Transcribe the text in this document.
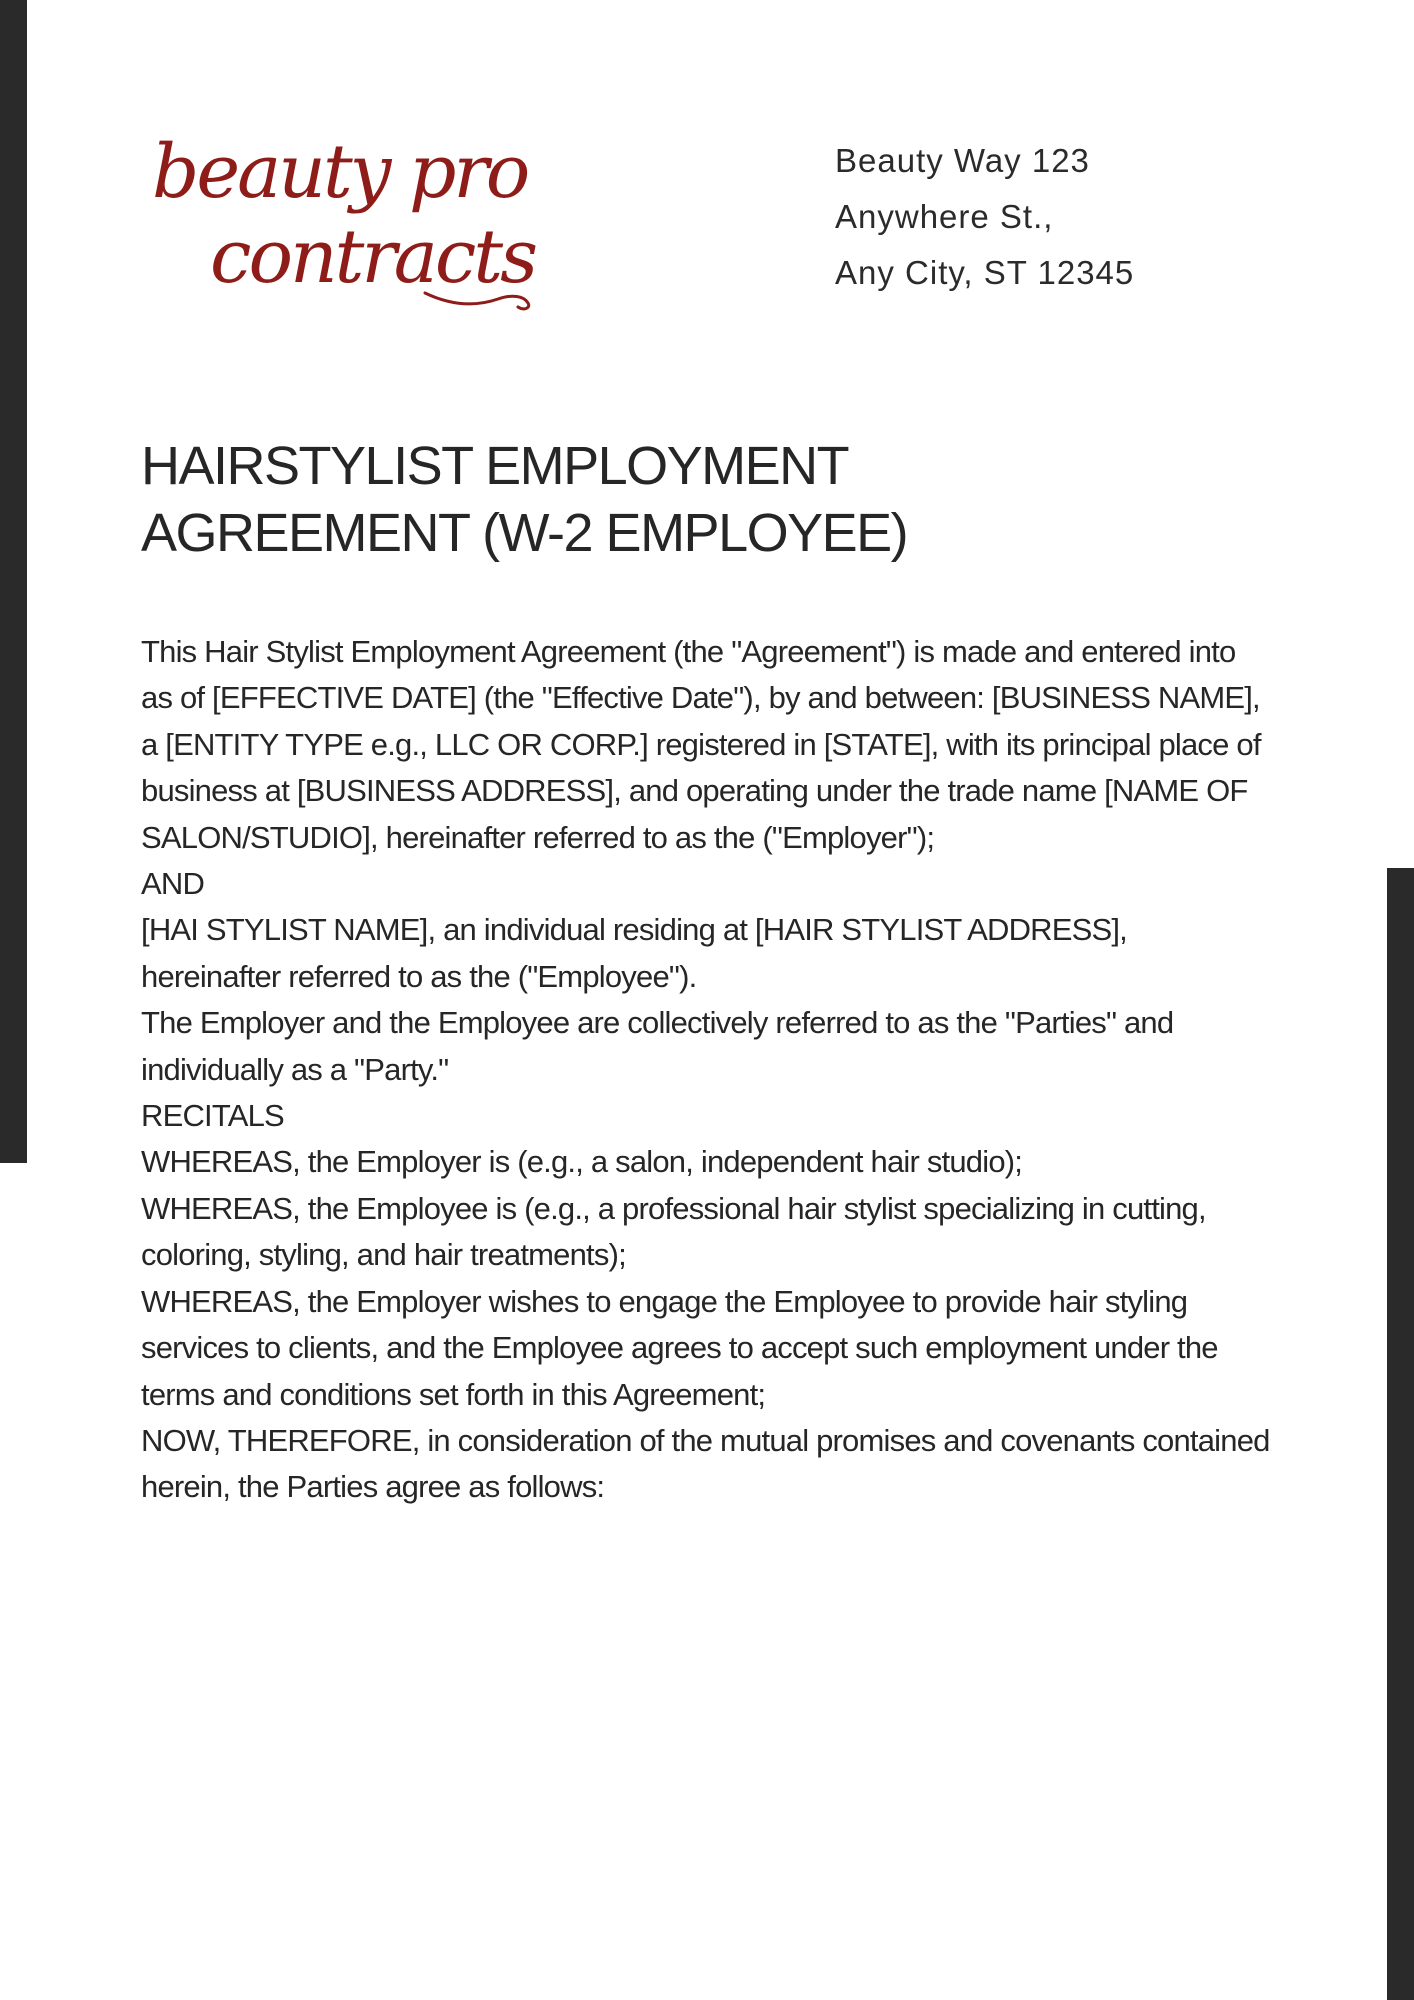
beauty pro
contracts
Beauty Way 123
Anywhere St.,
Any City, ST 12345
HAIRSTYLIST EMPLOYMENT AGREEMENT (W-2 EMPLOYEE)

This Hair Stylist Employment Agreement (the "Agreement") is made and entered into as of [EFFECTIVE DATE] (the "Effective Date"), by and between: [BUSINESS NAME], a [ENTITY TYPE e.g., LLC OR CORP.] registered in [STATE], with its principal place of business at [BUSINESS ADDRESS], and operating under the trade name [NAME OF SALON/STUDIO], hereinafter referred to as the ("Employer");

AND

[HAI STYLIST NAME], an individual residing at [HAIR STYLIST ADDRESS], hereinafter referred to as the ("Employee").

The Employer and the Employee are collectively referred to as the "Parties" and individually as a "Party."

RECITALS

WHEREAS, the Employer is (e.g., a salon, independent hair studio);

WHEREAS, the Employee is (e.g., a professional hair stylist specializing in cutting, coloring, styling, and hair treatments);

WHEREAS, the Employer wishes to engage the Employee to provide hair styling services to clients, and the Employee agrees to accept such employment under the terms and conditions set forth in this Agreement;

NOW, THEREFORE, in consideration of the mutual promises and covenants contained herein, the Parties agree as follows:
